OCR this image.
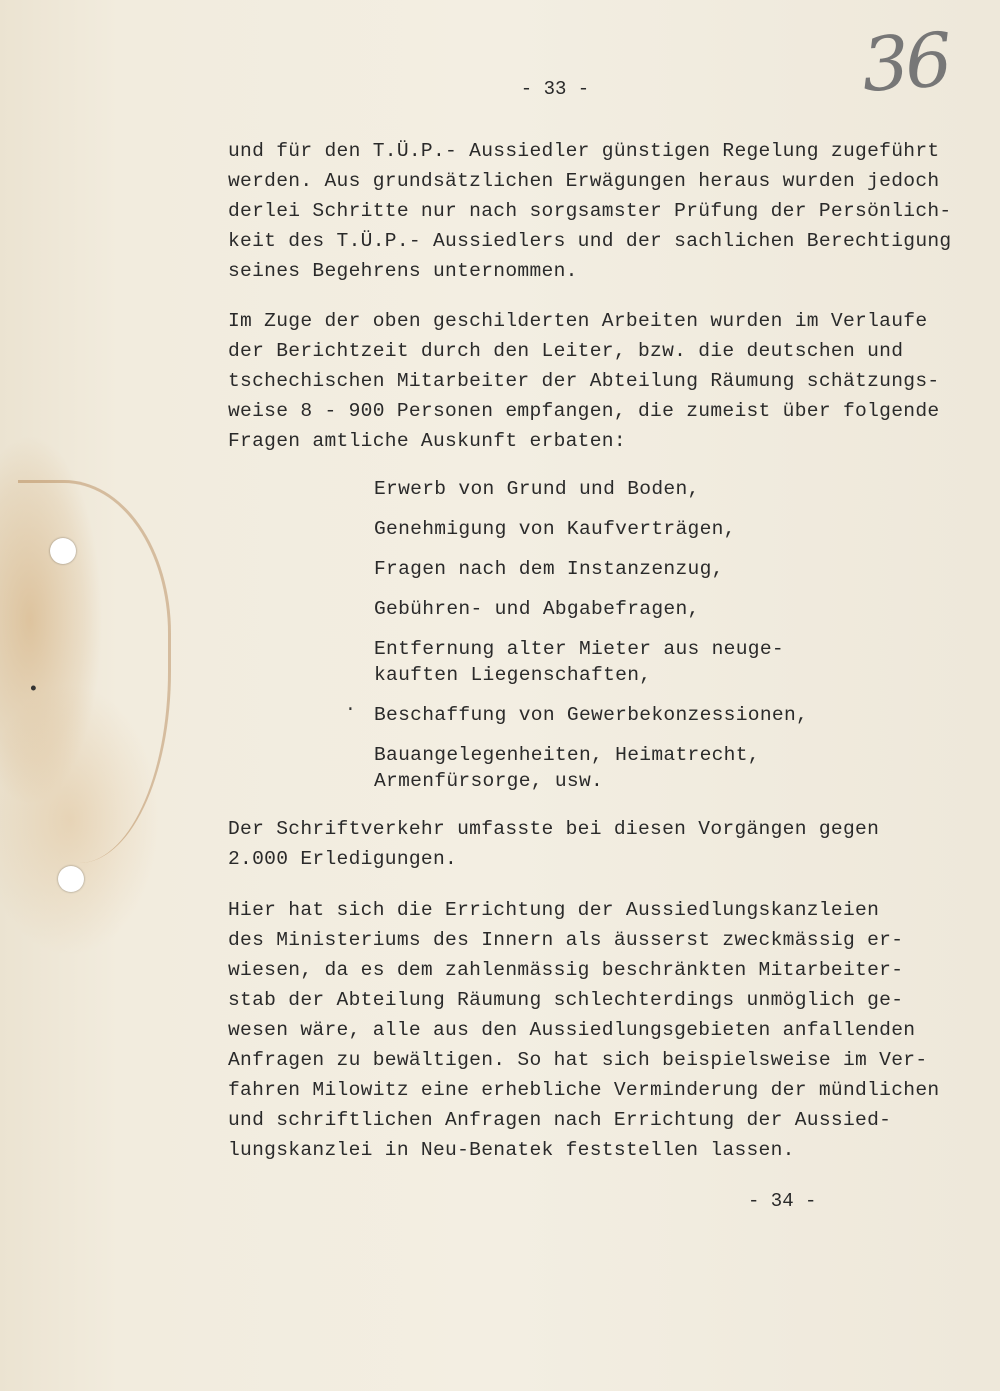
•
·
36
- 33 -

und für den T.Ü.P.- Aussiedler günstigen Regelung zugeführt
werden. Aus grundsätzlichen Erwägungen heraus wurden jedoch
derlei Schritte nur nach sorgsamster Prüfung der Persönlich-
keit des T.Ü.P.- Aussiedlers und der sachlichen Berechtigung
seines Begehrens unternommen.

Im Zuge der oben geschilderten Arbeiten wurden im Verlaufe
der Berichtzeit durch den Leiter, bzw. die deutschen und
tschechischen Mitarbeiter der Abteilung Räumung schätzungs-
weise 8 - 900 Personen empfangen, die zumeist über folgende
Fragen amtliche Auskunft erbaten:

Erwerb von Grund und Boden,
Genehmigung von Kaufverträgen,
Fragen nach dem Instanzenzug,
Gebühren- und Abgabefragen,
Entfernung alter Mieter aus neuge-
kauften Liegenschaften,
Beschaffung von Gewerbekonzessionen,
Bauangelegenheiten, Heimatrecht,
Armenfürsorge, usw.

Der Schriftverkehr umfasste bei diesen Vorgängen gegen
2.000 Erledigungen.

Hier hat sich die Errichtung der Aussiedlungskanzleien
des Ministeriums des Innern als äusserst zweckmässig er-
wiesen, da es dem zahlenmässig beschränkten Mitarbeiter-
stab der Abteilung Räumung schlechterdings unmöglich ge-
wesen wäre, alle aus den Aussiedlungsgebieten anfallenden
Anfragen zu bewältigen. So hat sich beispielsweise im Ver-
fahren Milowitz eine erhebliche Verminderung der mündlichen
und schriftlichen Anfragen nach Errichtung der Aussied-
lungskanzlei in Neu-Benatek feststellen lassen.

- 34 -
